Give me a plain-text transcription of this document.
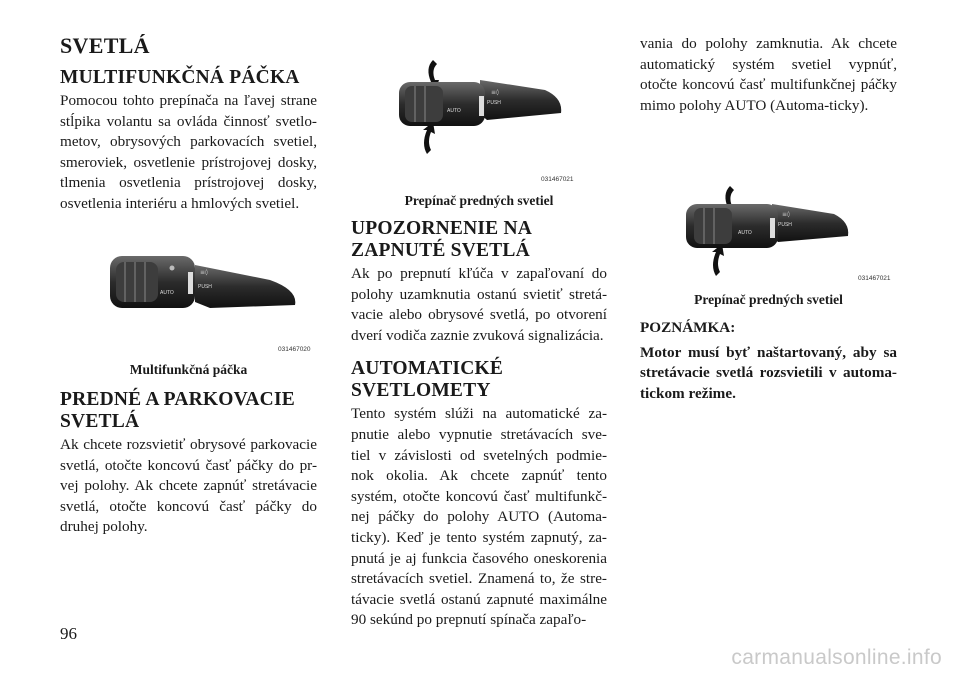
SVETLÁ
MULTIFUNKČNÁ PÁČKA

Pomocou tohto prepínača na ľavej strane stĺpika volantu sa ovláda činnosť svetlo-metov, obrysových parkovacích svetiel, smeroviek, osvetlenie prístrojovej dosky, tlmenia osvetlenia prístrojovej dosky, osvetlenia interiéru a hmlových svetiel.

PUSH
AUTO
≡◊
031467020
Multifunkčná páčka
PREDNÉ A PARKOVACIE SVETLÁ

Ak chcete rozsvietiť obrysové parkovacie svetlá, otočte koncovú časť páčky do pr-vej polohy. Ak chcete zapnúť stretávacie svetlá, otočte koncovú časť páčky do druhej polohy.

PUSH
AUTO
≡◊
031467021
Prepínač predných svetiel
UPOZORNENIE NA ZAPNUTÉ SVETLÁ

Ak po prepnutí kľúča v zapaľovaní do polohy uzamknutia ostanú svietiť stretá-vacie alebo obrysové svetlá, po otvorení dverí vodiča zaznie zvuková signalizácia.

AUTOMATICKÉ SVETLOMETY

Tento systém slúži na automatické za-pnutie alebo vypnutie stretávacích sve-tiel v závislosti od svetelných podmie-nok okolia. Ak chcete zapnúť tento systém, otočte koncovú časť multifunkč-nej páčky do polohy AUTO (Automa-ticky). Keď je tento systém zapnutý, za-pnutá je aj funkcia časového oneskorenia stretávacích svetiel. Znamená to, že stre-távacie svetlá ostanú zapnuté maximálne 90 sekúnd po prepnutí spínača zapaľo-

vania do polohy zamknutia. Ak chcete automatický systém svetiel vypnúť, otočte koncovú časť multifunkčnej páčky mimo polohy AUTO (Automa-ticky).

PUSH
AUTO
≡◊
031467021
Prepínač predných svetiel

POZNÁMKA:

Motor musí byť naštartovaný, aby sa stretávacie svetlá rozsvietili v automa-tickom režime.

96
carmanualsonline.info
